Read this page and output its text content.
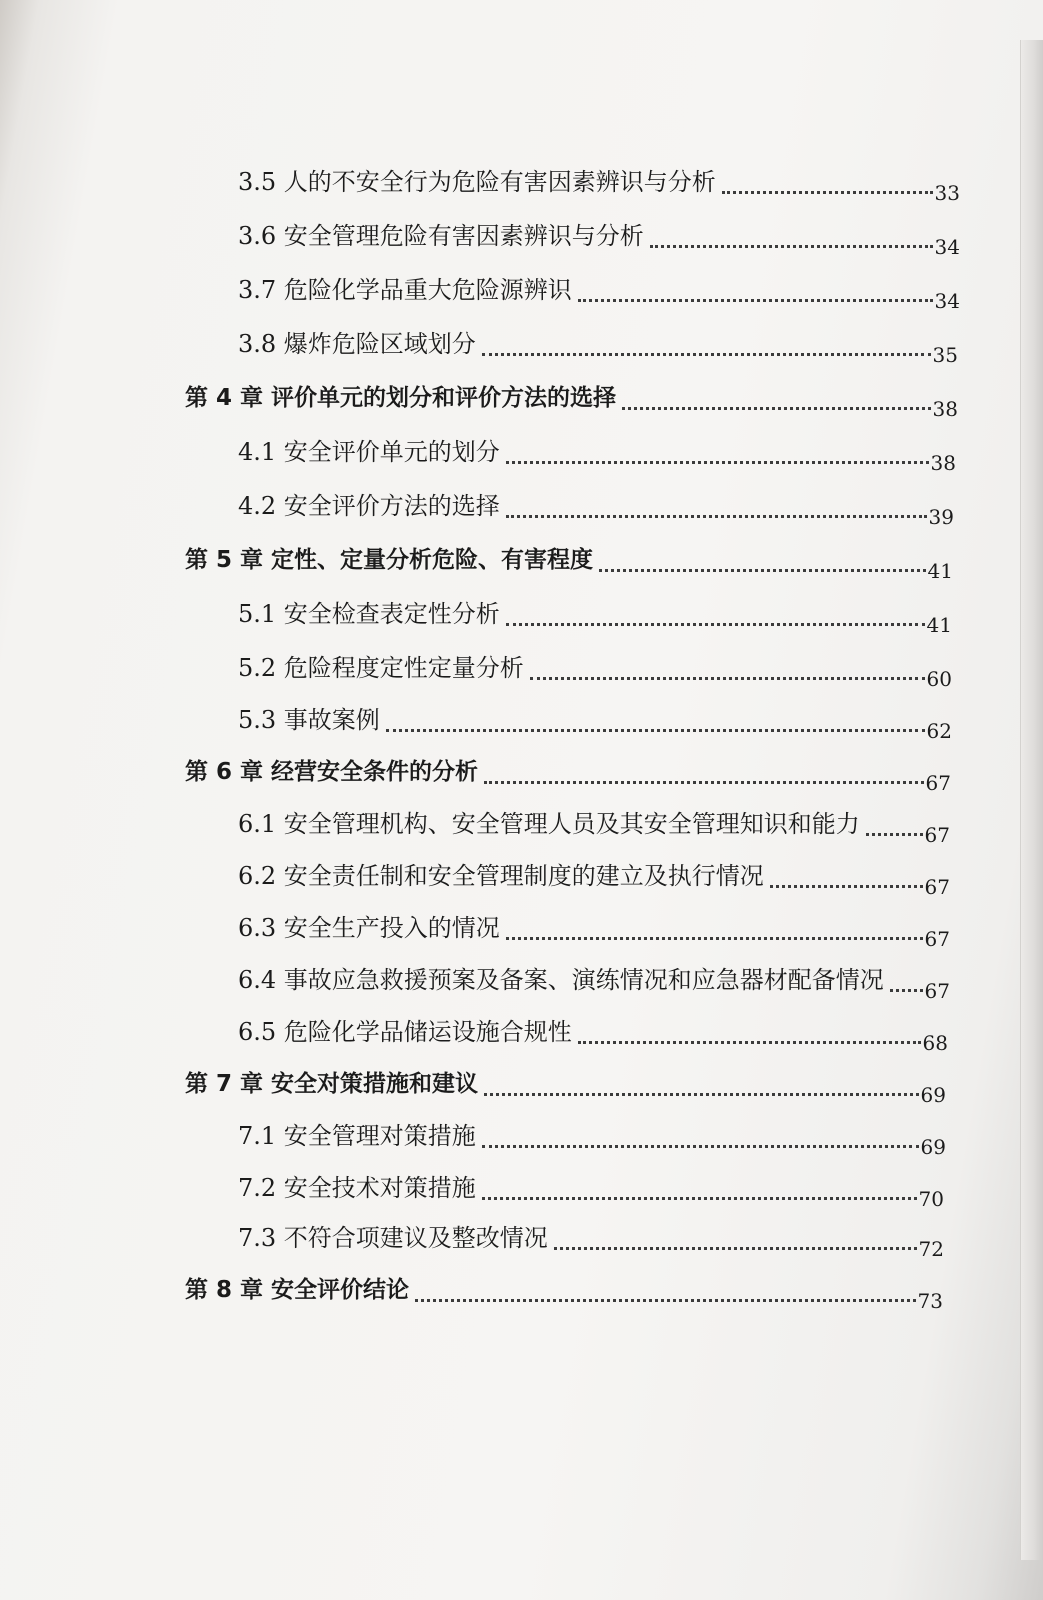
3.5 人的不安全行为危险有害因素辨识与分析	33
3.6 安全管理危险有害因素辨识与分析	34
3.7 危险化学品重大危险源辨识	34
3.8 爆炸危险区域划分	35
第 4 章 评价单元的划分和评价方法的选择	38
4.1 安全评价单元的划分	38
4.2 安全评价方法的选择	39
第 5 章 定性、定量分析危险、有害程度	41
5.1 安全检查表定性分析	41
5.2 危险程度定性定量分析	60
5.3 事故案例	62
第 6 章 经营安全条件的分析	67
6.1 安全管理机构、安全管理人员及其安全管理知识和能力	67
6.2 安全责任制和安全管理制度的建立及执行情况	67
6.3 安全生产投入的情况	67
6.4 事故应急救援预案及备案、演练情况和应急器材配备情况	67
6.5 危险化学品储运设施合规性	68
第 7 章 安全对策措施和建议	69
7.1 安全管理对策措施	69
7.2 安全技术对策措施	70
7.3 不符合项建议及整改情况	72
第 8 章 安全评价结论	73
